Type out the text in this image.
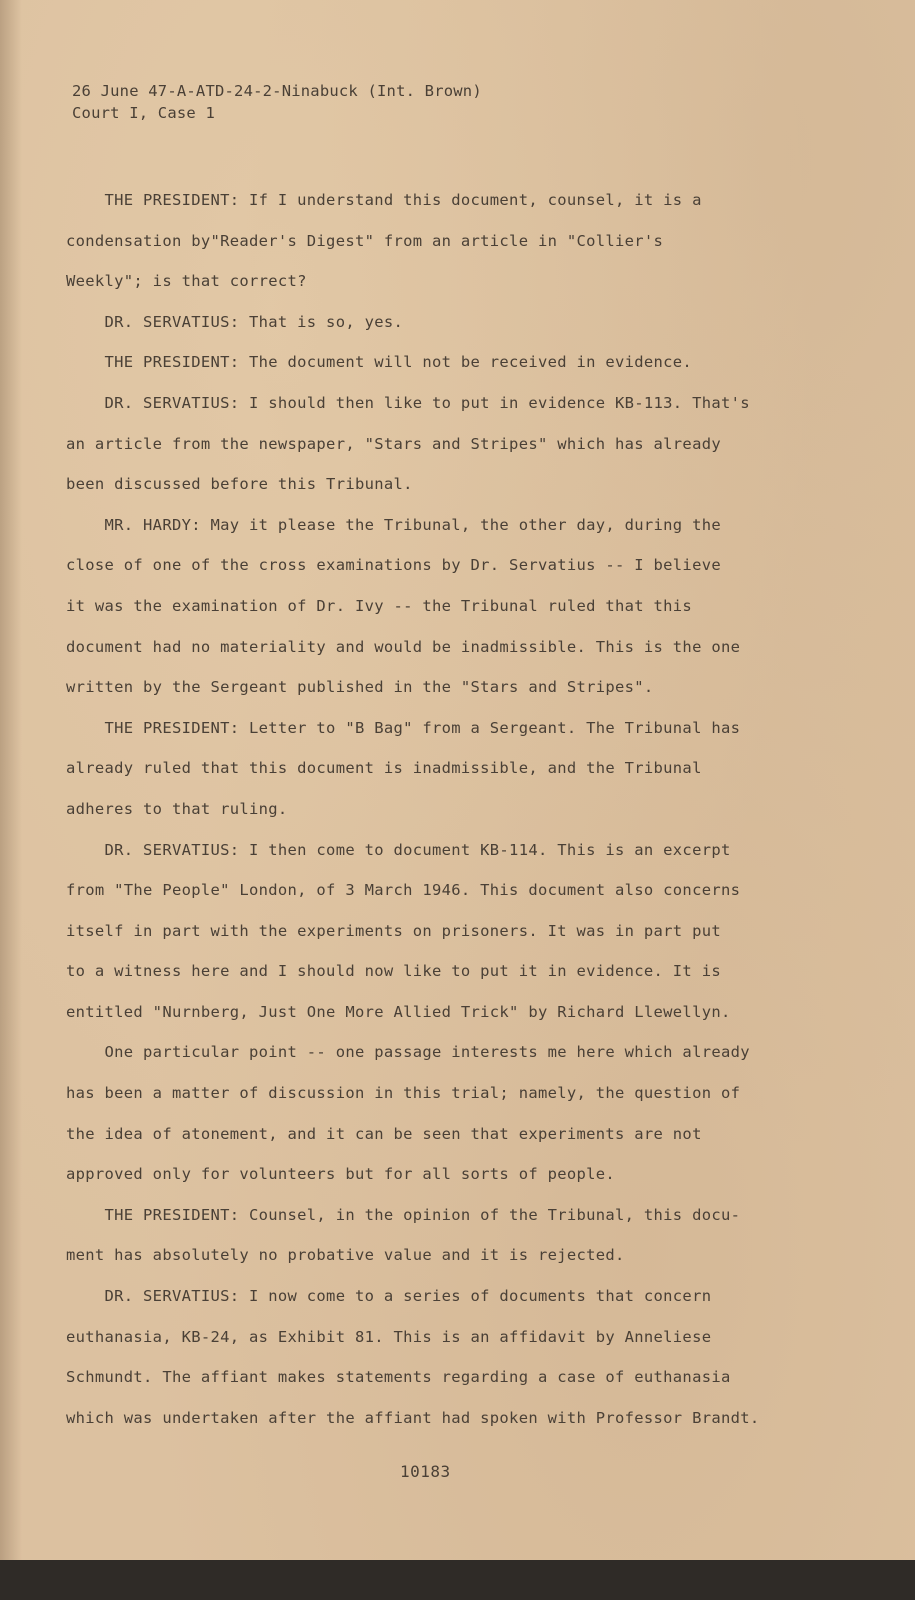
26 June 47-A-ATD-24-2-Ninabuck (Int. Brown)
Court I, Case 1
THE PRESIDENT: If I understand this document, counsel, it is a
condensation by"Reader's Digest" from an article in "Collier's
Weekly"; is that correct?
DR. SERVATIUS: That is so, yes.
THE PRESIDENT: The document will not be received in evidence.
DR. SERVATIUS: I should then like to put in evidence KB-113. That's
an article from the newspaper, "Stars and Stripes" which has already
been discussed before this Tribunal.
MR. HARDY: May it please the Tribunal, the other day, during the
close of one of the cross examinations by Dr. Servatius -- I believe
it was the examination of Dr. Ivy -- the Tribunal ruled that this
document had no materiality and would be inadmissible. This is the one
written by the Sergeant published in the "Stars and Stripes".
THE PRESIDENT: Letter to "B Bag" from a Sergeant. The Tribunal has
already ruled that this document is inadmissible, and the Tribunal
adheres to that ruling.
DR. SERVATIUS: I then come to document KB-114. This is an excerpt
from "The People" London, of 3 March 1946. This document also concerns
itself in part with the experiments on prisoners. It was in part put
to a witness here and I should now like to put it in evidence. It is
entitled "Nurnberg, Just One More Allied Trick" by Richard Llewellyn.
One particular point -- one passage interests me here which already
has been a matter of discussion in this trial; namely, the question of
the idea of atonement, and it can be seen that experiments are not
approved only for volunteers but for all sorts of people.
THE PRESIDENT: Counsel, in the opinion of the Tribunal, this docu-
ment has absolutely no probative value and it is rejected.
DR. SERVATIUS: I now come to a series of documents that concern
euthanasia, KB-24, as Exhibit 81. This is an affidavit by Anneliese
Schmundt. The affiant makes statements regarding a case of euthanasia
which was undertaken after the affiant had spoken with Professor Brandt.
10183
